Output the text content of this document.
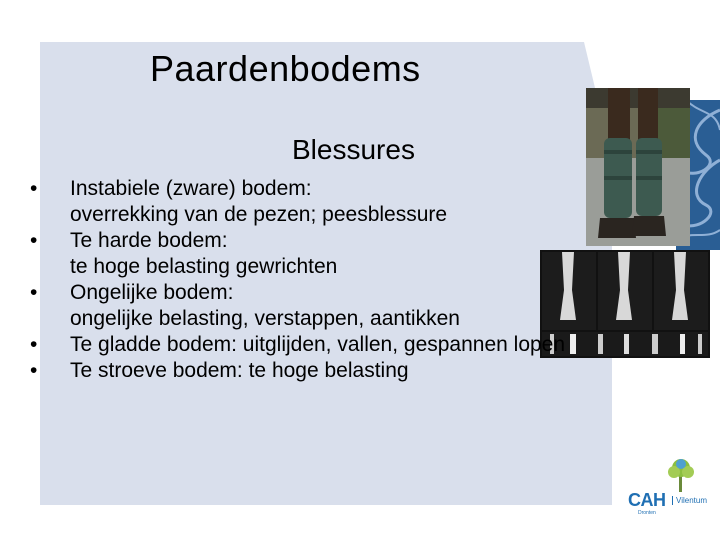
Paardenbodems
Blessures
• Instabiele (zware) bodem:
overrekking van de pezen; peesblessure
• Te harde bodem:
te hoge belasting gewrichten
• Ongelijke bodem:
ongelijke belasting, verstappen, aantikken
• Te gladde bodem: uitglijden, vallen, gespannen lopen
• Te stroeve bodem: te hoge belasting
CAH	Vilentum
Dronten
